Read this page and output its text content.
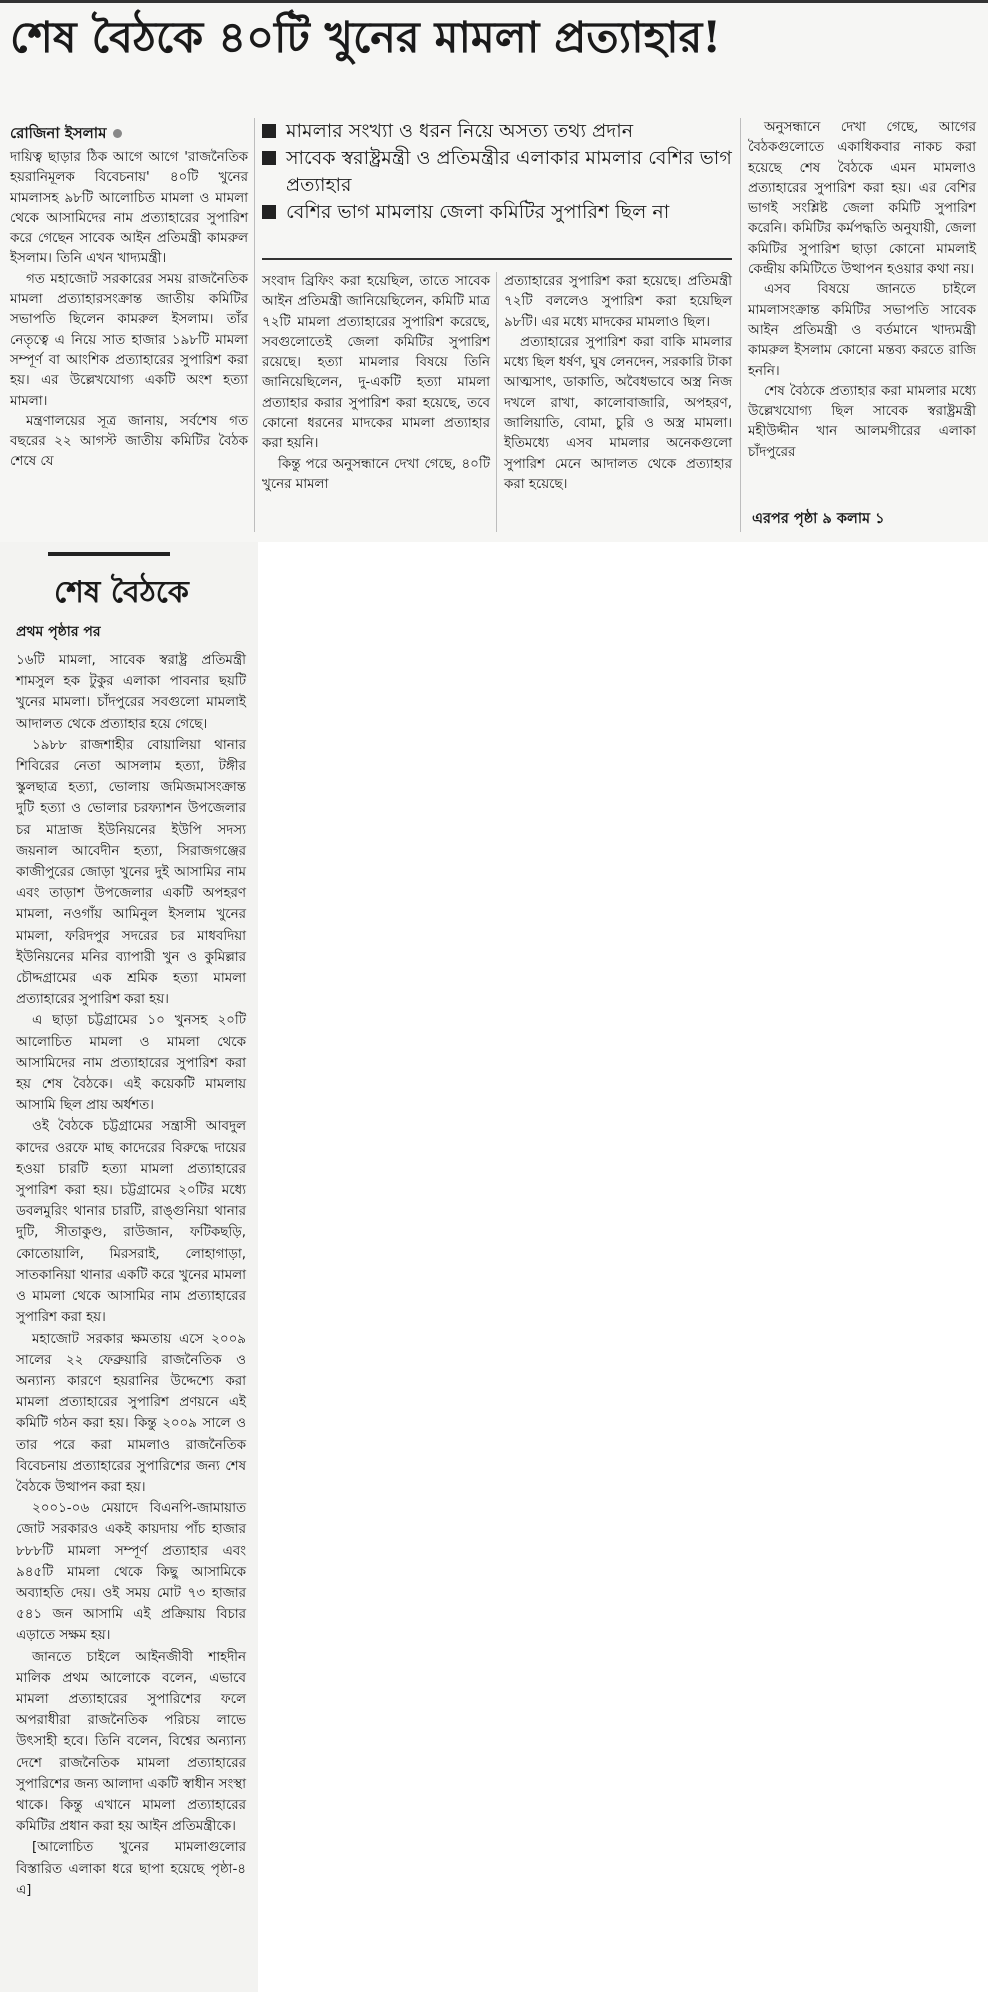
শেষ বৈঠকে ৪০টি খুনের মামলা প্রত্যাহার!
রোজিনা ইসলাম

দায়িত্ব ছাড়ার ঠিক আগে আগে 'রাজনৈতিক হয়রানিমূলক বিবেচনায়' ৪০টি খুনের মামলাসহ ৯৮টি আলোচিত মামলা ও মামলা থেকে আসামিদের নাম প্রত্যাহারের সুপারিশ করে গেছেন সাবেক আইন প্রতিমন্ত্রী কামরুল ইসলাম। তিনি এখন খাদ্যমন্ত্রী।

গত মহাজোট সরকারের সময় রাজনৈতিক মামলা প্রত্যাহারসংক্রান্ত জাতীয় কমিটির সভাপতি ছিলেন কামরুল ইসলাম। তাঁর নেতৃত্বে এ নিয়ে সাত হাজার ১৯৮টি মামলা সম্পূর্ণ বা আংশিক প্রত্যাহারের সুপারিশ করা হয়। এর উল্লেখযোগ্য একটি অংশ হত্যা মামলা।

মন্ত্রণালয়ের সূত্র জানায়, সর্বশেষ গত বছরের ২২ আগস্ট জাতীয় কমিটির বৈঠক শেষে যে

মামলার সংখ্যা ও ধরন নিয়ে অসত্য তথ্য প্রদান
সাবেক স্বরাষ্ট্রমন্ত্রী ও প্রতিমন্ত্রীর এলাকার মামলার বেশির ভাগ প্রত্যাহার
বেশির ভাগ মামলায় জেলা কমিটির সুপারিশ ছিল না

সংবাদ ব্রিফিং করা হয়েছিল, তাতে সাবেক আইন প্রতিমন্ত্রী জানিয়েছিলেন, কমিটি মাত্র ৭২টি মামলা প্রত্যাহারের সুপারিশ করেছে, সবগুলোতেই জেলা কমিটির সুপারিশ রয়েছে। হত্যা মামলার বিষয়ে তিনি জানিয়েছিলেন, দু-একটি হত্যা মামলা প্রত্যাহার করার সুপারিশ করা হয়েছে, তবে কোনো ধরনের মাদকের মামলা প্রত্যাহার করা হয়নি।

কিন্তু পরে অনুসন্ধানে দেখা গেছে, ৪০টি খুনের মামলা

প্রত্যাহারের সুপারিশ করা হয়েছে। প্রতিমন্ত্রী ৭২টি বললেও সুপারিশ করা হয়েছিল ৯৮টি। এর মধ্যে মাদকের মামলাও ছিল।

প্রত্যাহারের সুপারিশ করা বাকি মামলার মধ্যে ছিল ধর্ষণ, ঘুষ লেনদেন, সরকারি টাকা আত্মসাৎ, ডাকাতি, অবৈধভাবে অস্ত্র নিজ দখলে রাখা, কালোবাজারি, অপহরণ, জালিয়াতি, বোমা, চুরি ও অস্ত্র মামলা। ইতিমধ্যে এসব মামলার অনেকগুলো সুপারিশ মেনে আদালত থেকে প্রত্যাহার করা হয়েছে।

অনুসন্ধানে দেখা গেছে, আগের বৈঠকগুলোতে একাধিকবার নাকচ করা হয়েছে শেষ বৈঠকে এমন মামলাও প্রত্যাহারের সুপারিশ করা হয়। এর বেশির ভাগই সংশ্লিষ্ট জেলা কমিটি সুপারিশ করেনি। কমিটির কর্মপদ্ধতি অনুযায়ী, জেলা কমিটির সুপারিশ ছাড়া কোনো মামলাই কেন্দ্রীয় কমিটিতে উত্থাপন হওয়ার কথা নয়।

এসব বিষয়ে জানতে চাইলে মামলাসংক্রান্ত কমিটির সভাপতি সাবেক আইন প্রতিমন্ত্রী ও বর্তমানে খাদ্যমন্ত্রী কামরুল ইসলাম কোনো মন্তব্য করতে রাজি হননি।

শেষ বৈঠকে প্রত্যাহার করা মামলার মধ্যে উল্লেখযোগ্য ছিল সাবেক স্বরাষ্ট্রমন্ত্রী মহীউদ্দীন খান আলমগীরের এলাকা চাঁদপুরের

এরপর পৃষ্ঠা ৯ কলাম ১
শেষ বৈঠকে
প্রথম পৃষ্ঠার পর

১৬টি মামলা, সাবেক স্বরাষ্ট্র প্রতিমন্ত্রী শামসুল হক টুকুর এলাকা পাবনার ছয়টি খুনের মামলা। চাঁদপুরের সবগুলো মামলাই আদালত থেকে প্রত্যাহার হয়ে গেছে।

১৯৮৮ রাজশাহীর বোয়ালিয়া থানার শিবিরের নেতা আসলাম হত্যা, টঙ্গীর স্কুলছাত্র হত্যা, ভোলায় জমিজমাসংক্রান্ত দুটি হত্যা ও ভোলার চরফ্যাশন উপজেলার চর মাদ্রাজ ইউনিয়নের ইউপি সদস্য জয়নাল আবেদীন হত্যা, সিরাজগঞ্জের কাজীপুরের জোড়া খুনের দুই আসামির নাম এবং তাড়াশ উপজেলার একটি অপহরণ মামলা, নওগাঁয় আমিনুল ইসলাম খুনের মামলা, ফরিদপুর সদরের চর মাধবদিয়া ইউনিয়নের মনির ব্যাপারী খুন ও কুমিল্লার চৌদ্দগ্রামের এক শ্রমিক হত্যা মামলা প্রত্যাহারের সুপারিশ করা হয়।

এ ছাড়া চট্টগ্রামের ১০ খুনসহ ২০টি আলোচিত মামলা ও মামলা থেকে আসামিদের নাম প্রত্যাহারের সুপারিশ করা হয় শেষ বৈঠকে। এই কয়েকটি মামলায় আসামি ছিল প্রায় অর্ধশত।

ওই বৈঠকে চট্টগ্রামের সন্ত্রাসী আবদুল কাদের ওরফে মাছ কাদেরের বিরুদ্ধে দায়ের হওয়া চারটি হত্যা মামলা প্রত্যাহারের সুপারিশ করা হয়। চট্টগ্রামের ২০টির মধ্যে ডবলমুরিং থানার চারটি, রাঙ্গুনিয়া থানার দুটি, সীতাকুণ্ড, রাউজান, ফটিকছড়ি, কোতোয়ালি, মিরসরাই, লোহাগাড়া, সাতকানিয়া থানার একটি করে খুনের মামলা ও মামলা থেকে আসামির নাম প্রত্যাহারের সুপারিশ করা হয়।

মহাজোট সরকার ক্ষমতায় এসে ২০০৯ সালের ২২ ফেব্রুয়ারি রাজনৈতিক ও অন্যান্য কারণে হয়রানির উদ্দেশ্যে করা মামলা প্রত্যাহারের সুপারিশ প্রণয়নে এই কমিটি গঠন করা হয়। কিন্তু ২০০৯ সালে ও তার পরে করা মামলাও রাজনৈতিক বিবেচনায় প্রত্যাহারের সুপারিশের জন্য শেষ বৈঠকে উত্থাপন করা হয়।

২০০১-০৬ মেয়াদে বিএনপি-জামায়াত জোট সরকারও একই কায়দায় পাঁচ হাজার ৮৮৮টি মামলা সম্পূর্ণ প্রত্যাহার এবং ৯৪৫টি মামলা থেকে কিছু আসামিকে অব্যাহতি দেয়। ওই সময় মোট ৭৩ হাজার ৫৪১ জন আসামি এই প্রক্রিয়ায় বিচার এড়াতে সক্ষম হয়।

জানতে চাইলে আইনজীবী শাহদীন মালিক প্রথম আলোকে বলেন, এভাবে মামলা প্রত্যাহারের সুপারিশের ফলে অপরাধীরা রাজনৈতিক পরিচয় লাভে উৎসাহী হবে। তিনি বলেন, বিশ্বের অন্যান্য দেশে রাজনৈতিক মামলা প্রত্যাহারের সুপারিশের জন্য আলাদা একটি স্বাধীন সংস্থা থাকে। কিন্তু এখানে মামলা প্রত্যাহারের কমিটির প্রধান করা হয় আইন প্রতিমন্ত্রীকে।

[আলোচিত খুনের মামলাগুলোর বিস্তারিত এলাকা ধরে ছাপা হয়েছে পৃষ্ঠা-৪ এ]
